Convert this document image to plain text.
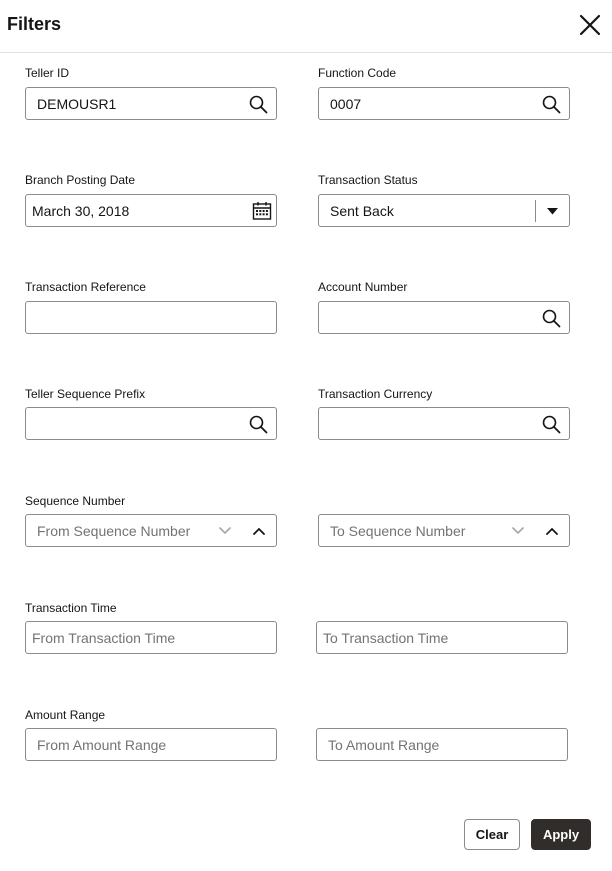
Filters
Teller ID
DEMOUSR1
Function Code
0007
Branch Posting Date
March 30, 2018
Transaction Status
Sent Back
Transaction Reference	Account Number
Teller Sequence Prefix	Transaction Currency
Sequence Number
From Sequence Number	To Sequence Number
Transaction Time
From Transaction Time	To Transaction Time
Amount Range
From Amount Range	To Amount Range
Clear	Apply
